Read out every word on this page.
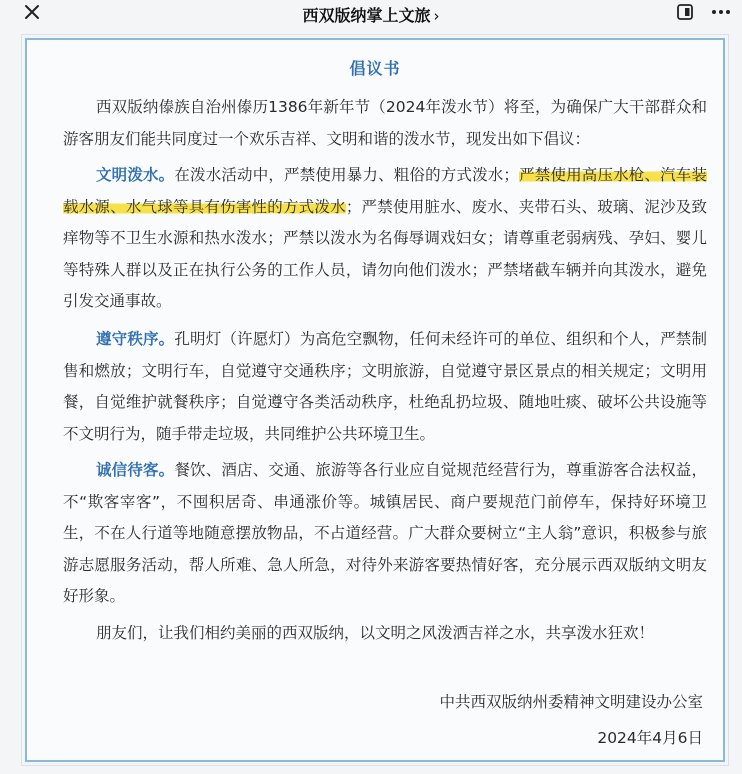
西双版纳掌上文旅 ›
倡议书
西双版纳傣族自治州傣历1386年新年节（2024年泼水节）将至，为确保广大干部群众和游客朋友们能共同度过一个欢乐吉祥、文明和谐的泼水节，现发出如下倡议：
文明泼水。在泼水活动中，严禁使用暴力、粗俗的方式泼水；严禁使用高压水枪、汽车装载水源、水气球等具有伤害性的方式泼水；严禁使用脏水、废水、夹带石头、玻璃、泥沙及致痒物等不卫生水源和热水泼水；严禁以泼水为名侮辱调戏妇女；请尊重老弱病残、孕妇、婴儿等特殊人群以及正在执行公务的工作人员，请勿向他们泼水；严禁堵截车辆并向其泼水，避免引发交通事故。
遵守秩序。孔明灯（许愿灯）为高危空飘物，任何未经许可的单位、组织和个人，严禁制售和燃放；文明行车，自觉遵守交通秩序；文明旅游，自觉遵守景区景点的相关规定；文明用餐，自觉维护就餐秩序；自觉遵守各类活动秩序，杜绝乱扔垃圾、随地吐痰、破坏公共设施等不文明行为，随手带走垃圾，共同维护公共环境卫生。
诚信待客。餐饮、酒店、交通、旅游等各行业应自觉规范经营行为，尊重游客合法权益，不“欺客宰客”，不囤积居奇、串通涨价等。城镇居民、商户要规范门前停车，保持好环境卫生，不在人行道等地随意摆放物品，不占道经营。广大群众要树立“主人翁”意识，积极参与旅游志愿服务活动，帮人所难、急人所急，对待外来游客要热情好客，充分展示西双版纳文明友好形象。
朋友们，让我们相约美丽的西双版纳，以文明之风泼洒吉祥之水，共享泼水狂欢！
中共西双版纳州委精神文明建设办公室
2024年4月6日
